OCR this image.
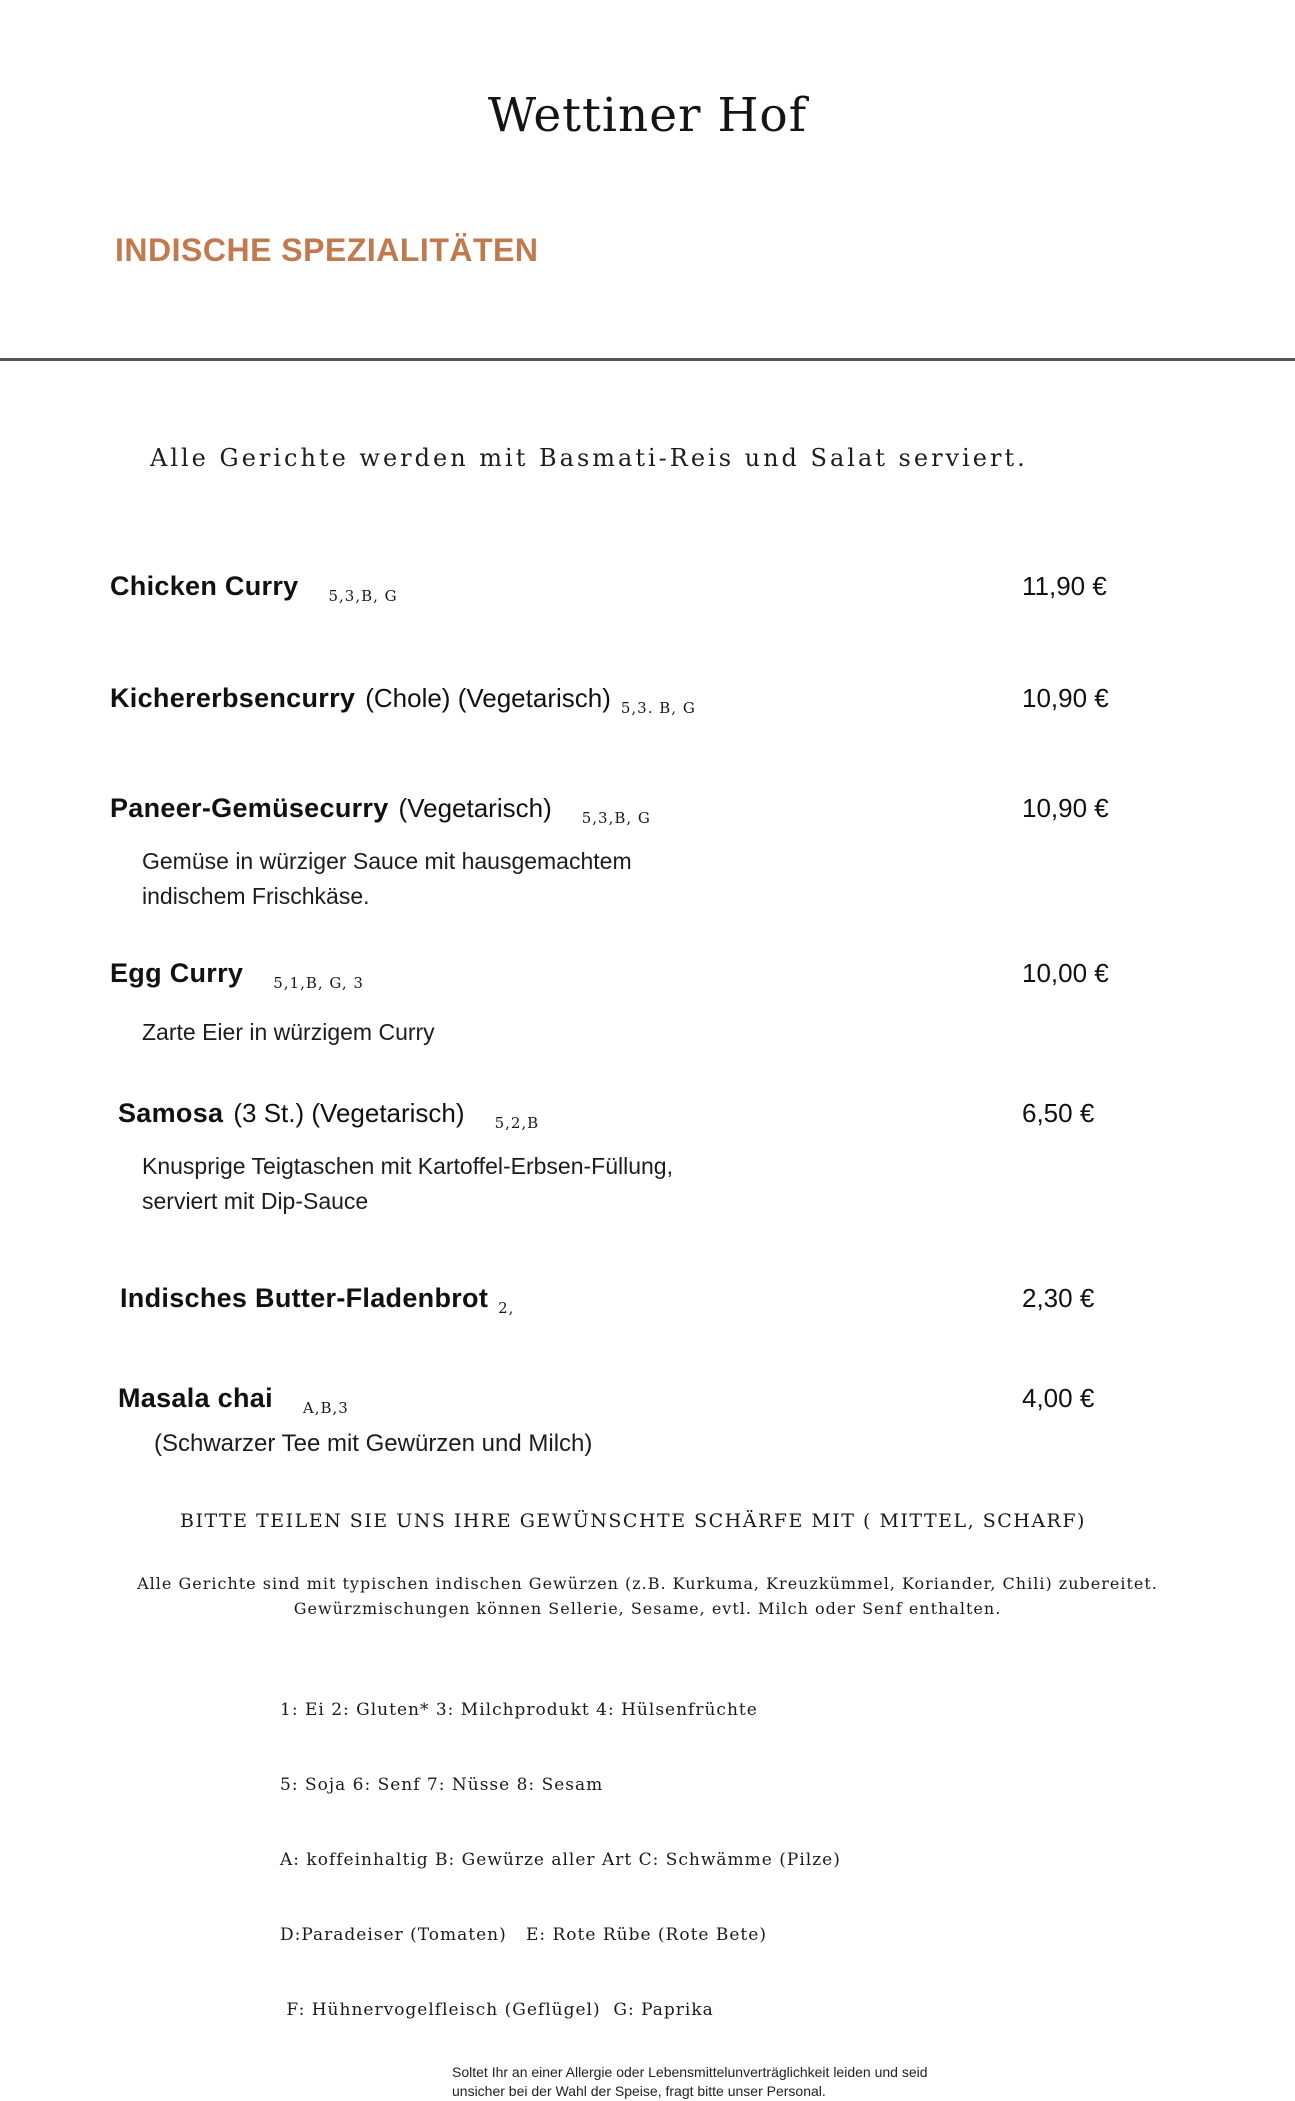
Wettiner Hof
INDISCHE SPEZIALITÄTEN
Alle Gerichte werden mit Basmati-Reis und Salat serviert.
Chicken Curry 5,3,B, G	11,90 €
Kichererbsencurry (Chole) (Vegetarisch) 5,3. B, G	10,90 €
Paneer-Gemüsecurry (Vegetarisch) 5,3,B, G	10,90 €
Gemüse in würziger Sauce mit hausgemachtem
indischem Frischkäse.
Egg Curry 5,1,B, G, 3	10,00 €
Zarte Eier in würzigem Curry
Samosa (3 St.) (Vegetarisch) 5,2,B	6,50 €
Knusprige Teigtaschen mit Kartoffel-Erbsen-Füllung,
serviert mit Dip-Sauce
Indisches Butter-Fladenbrot 2,	2,30 €
Masala chai A,B,3	4,00 €
(Schwarzer Tee mit Gewürzen und Milch)
BITTE TEILEN SIE UNS IHRE GEWÜNSCHTE SCHÄRFE MIT ( MITTEL, SCHARF)
Alle Gerichte sind mit typischen indischen Gewürzen (z.B. Kurkuma, Kreuzkümmel, Koriander, Chili) zubereitet.
Gewürzmischungen können Sellerie, Sesame, evtl. Milch oder Senf enthalten.

1: Ei 2: Gluten* 3: Milchprodukt 4: Hülsenfrüchte

5: Soja 6: Senf 7: Nüsse 8: Sesam

A: koffeinhaltig B: Gewürze aller Art C: Schwämme (Pilze)

D:Paradeiser (Tomaten)   E: Rote Rübe (Rote Bete)

F: Hühnervogelfleisch (Geflügel)  G: Paprika

Soltet Ihr an einer Allergie oder Lebensmittelunverträglichkeit leiden und seid
unsicher bei der Wahl der Speise, fragt bitte unser Personal.
